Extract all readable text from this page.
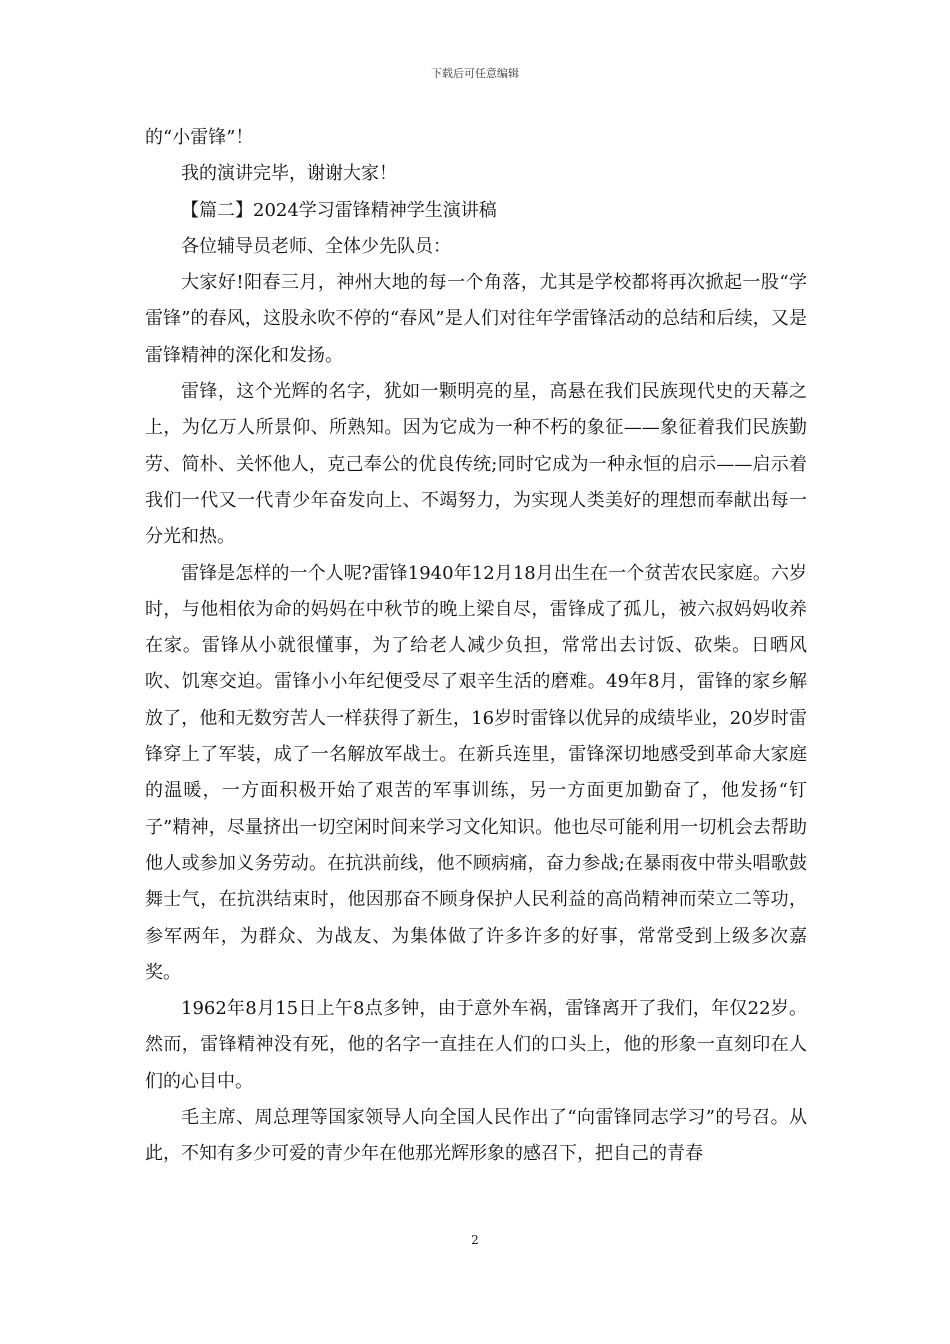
下载后可任意编辑

的“小雷锋”！

我的演讲完毕，谢谢大家！

【篇二】2024学习雷锋精神学生演讲稿

各位辅导员老师、全体少先队员：

大家好!阳春三月，神州大地的每一个角落，尤其是学校都将再次掀起一股“学雷锋”的春风，这股永吹不停的“春风”是人们对往年学雷锋活动的总结和后续，又是雷锋精神的深化和发扬。

雷锋，这个光辉的名字，犹如一颗明亮的星，高悬在我们民族现代史的天幕之上，为亿万人所景仰、所熟知。因为它成为一种不朽的象征——象征着我们民族勤劳、简朴、关怀他人，克己奉公的优良传统;同时它成为一种永恒的启示——启示着我们一代又一代青少年奋发向上、不竭努力，为实现人类美好的理想而奉献出每一分光和热。

雷锋是怎样的一个人呢?雷锋1940年12月18月出生在一个贫苦农民家庭。六岁时，与他相依为命的妈妈在中秋节的晚上梁自尽，雷锋成了孤儿，被六叔妈妈收养在家。雷锋从小就很懂事，为了给老人减少负担，常常出去讨饭、砍柴。日晒风吹、饥寒交迫。雷锋小小年纪便受尽了艰辛生活的磨难。49年8月，雷锋的家乡解放了，他和无数穷苦人一样获得了新生，16岁时雷锋以优异的成绩毕业，20岁时雷锋穿上了军装，成了一名解放军战士。在新兵连里，雷锋深切地感受到革命大家庭的温暖，一方面积极开始了艰苦的军事训练，另一方面更加勤奋了，他发扬“钉子”精神，尽量挤出一切空闲时间来学习文化知识。他也尽可能利用一切机会去帮助他人或参加义务劳动。在抗洪前线，他不顾病痛，奋力参战;在暴雨夜中带头唱歌鼓舞士气，在抗洪结束时，他因那奋不顾身保护人民利益的高尚精神而荣立二等功，参军两年，为群众、为战友、为集体做了许多许多的好事，常常受到上级多次嘉奖。

1962年8月15日上午8点多钟，由于意外车祸，雷锋离开了我们，年仅22岁。然而，雷锋精神没有死，他的名字一直挂在人们的口头上，他的形象一直刻印在人们的心目中。

毛主席、周总理等国家领导人向全国人民作出了“向雷锋同志学习”的号召。从此，不知有多少可爱的青少年在他那光辉形象的感召下，把自己的青春

2
